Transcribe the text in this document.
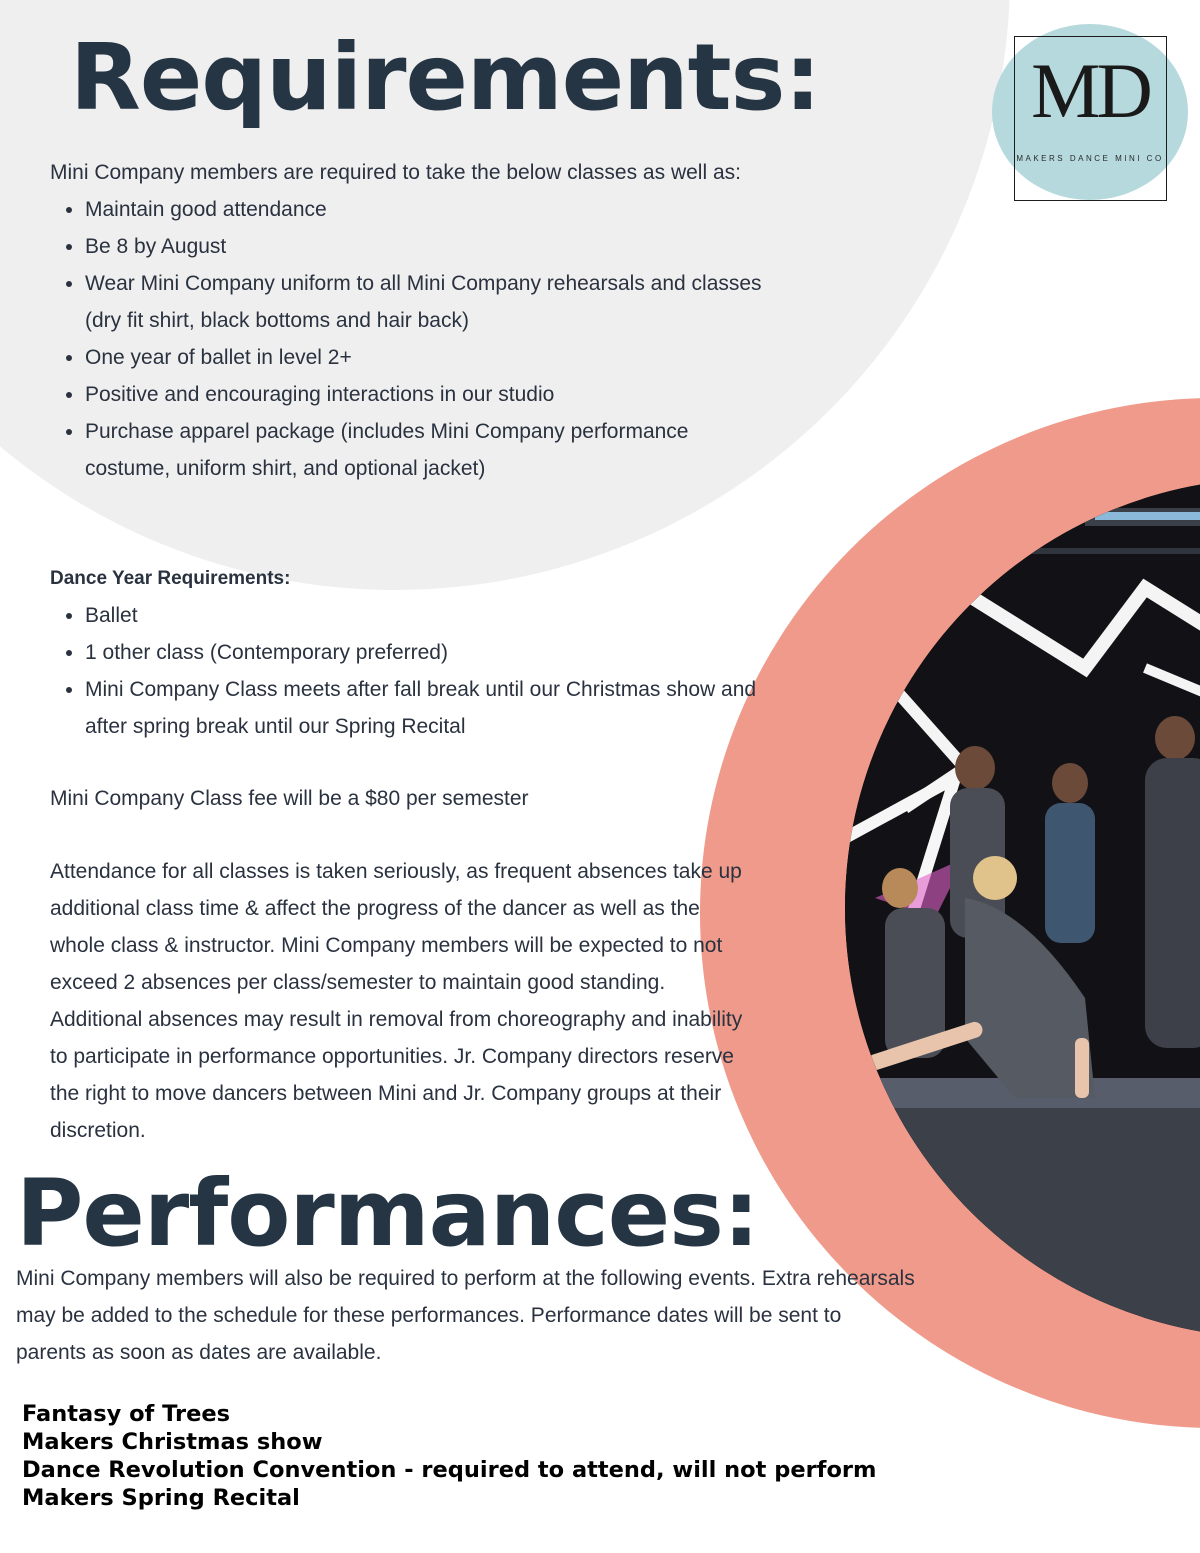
MD
MAKERS DANCE MINI CO
Requirements:

Mini Company members are required to take the below classes as well as:

• Maintain good attendance
• Be 8 by August
• Wear Mini Company uniform to all Mini Company rehearsals and classes (dry fit shirt, black bottoms and hair back)
• One year of ballet in level 2+
• Positive and encouraging interactions in our studio
• Purchase apparel package (includes Mini Company performance costume, uniform shirt, and optional jacket)

Dance Year Requirements:

• Ballet
• 1 other class (Contemporary preferred)
• Mini Company Class meets after fall break until our Christmas show and after spring break until our Spring Recital
Mini Company Class fee will be a $80 per semester
Attendance for all classes is taken seriously, as frequent absences take up additional class time & affect the progress of the dancer as well as the whole class & instructor. Mini Company members will be expected to not exceed 2 absences per class/semester to maintain good standing. Additional absences may result in removal from choreography and inability to participate in performance opportunities. Jr. Company directors reserve the right to move dancers between Mini and Jr. Company groups at their discretion.
Performances:
Mini Company members will also be required to perform at the following events. Extra rehearsals may be added to the schedule for these performances. Performance dates will be sent to parents as soon as dates are available.
Fantasy of Trees
Makers Christmas show
Dance Revolution Convention - required to attend, will not perform
Makers Spring Recital
